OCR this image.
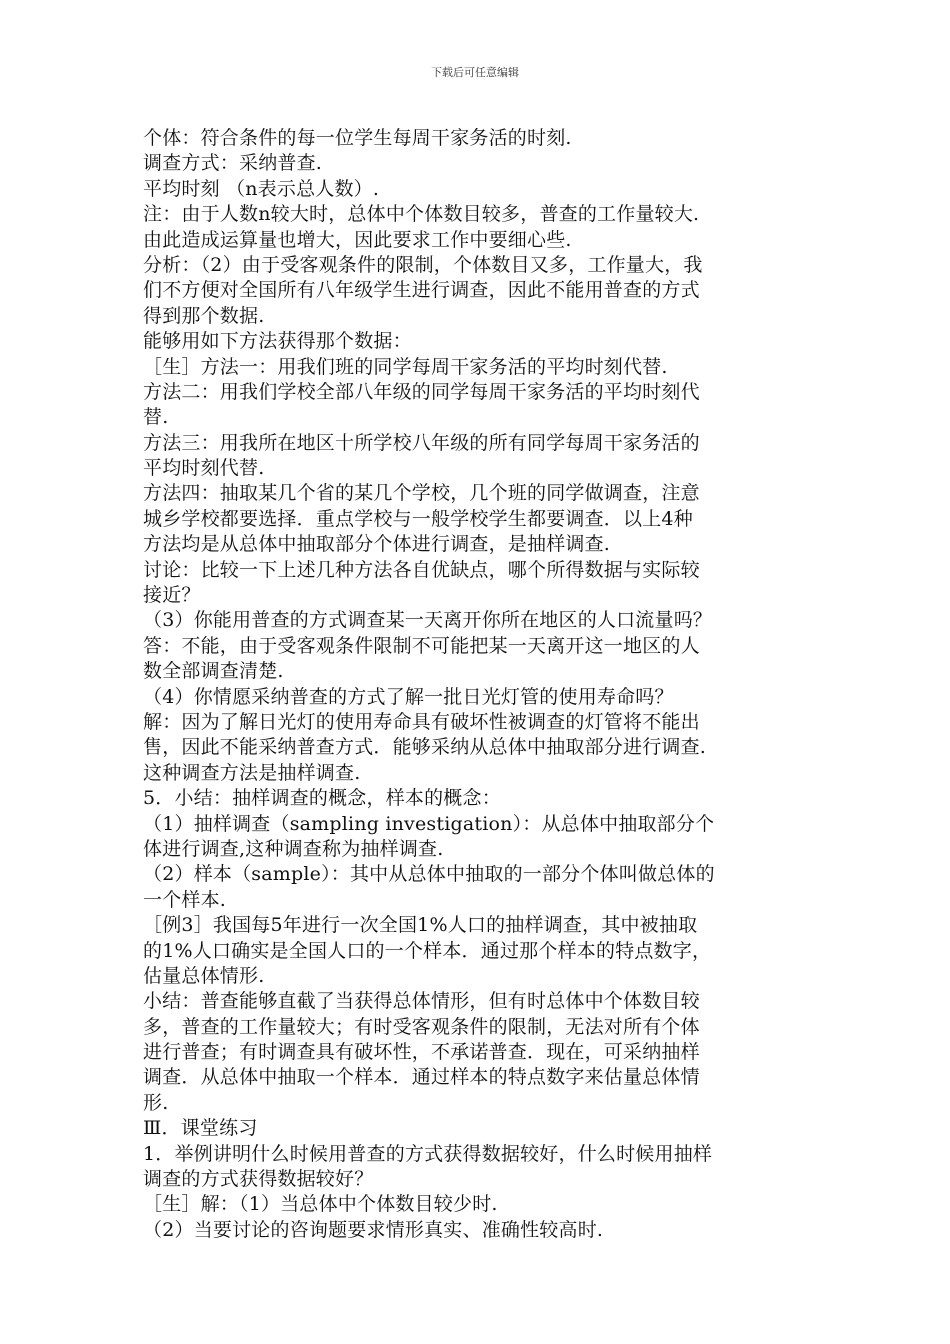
下载后可任意编辑
个体：符合条件的每一位学生每周干家务活的时刻.
调查方式：采纳普查.
平均时刻 （n表示总人数）.
注：由于人数n较大时，总体中个体数目较多，普查的工作量较大.
由此造成运算量也增大，因此要求工作中要细心些.
分析：（2）由于受客观条件的限制，个体数目又多，工作量大，我
们不方便对全国所有八年级学生进行调查，因此不能用普查的方式
得到那个数据.
能够用如下方法获得那个数据：
［生］方法一：用我们班的同学每周干家务活的平均时刻代替.
方法二：用我们学校全部八年级的同学每周干家务活的平均时刻代
替.
方法三：用我所在地区十所学校八年级的所有同学每周干家务活的
平均时刻代替.
方法四：抽取某几个省的某几个学校，几个班的同学做调查，注意
城乡学校都要选择．重点学校与一般学校学生都要调查．以上4种
方法均是从总体中抽取部分个体进行调查，是抽样调查.
讨论：比较一下上述几种方法各自优缺点，哪个所得数据与实际较
接近？
（3）你能用普查的方式调查某一天离开你所在地区的人口流量吗？
答：不能，由于受客观条件限制不可能把某一天离开这一地区的人
数全部调查清楚.
（4）你情愿采纳普查的方式了解一批日光灯管的使用寿命吗？
解：因为了解日光灯的使用寿命具有破坏性被调查的灯管将不能出
售，因此不能采纳普查方式．能够采纳从总体中抽取部分进行调查.
这种调查方法是抽样调查.
5．小结：抽样调查的概念，样本的概念：
（1）抽样调查（sampling investigation）：从总体中抽取部分个
体进行调查,这种调查称为抽样调查.
（2）样本（sample）：其中从总体中抽取的一部分个体叫做总体的
一个样本.
［例3］我国每5年进行一次全国1%人口的抽样调查，其中被抽取
的1%人口确实是全国人口的一个样本．通过那个样本的特点数字，
估量总体情形.
小结：普查能够直截了当获得总体情形，但有时总体中个体数目较
多，普查的工作量较大；有时受客观条件的限制，无法对所有个体
进行普查；有时调查具有破坏性，不承诺普查．现在，可采纳抽样
调查．从总体中抽取一个样本．通过样本的特点数字来估量总体情
形.
Ⅲ．课堂练习
1．举例讲明什么时候用普查的方式获得数据较好，什么时候用抽样
调查的方式获得数据较好？
［生］解：（1）当总体中个体数目较少时.
（2）当要讨论的咨询题要求情形真实、准确性较高时.
